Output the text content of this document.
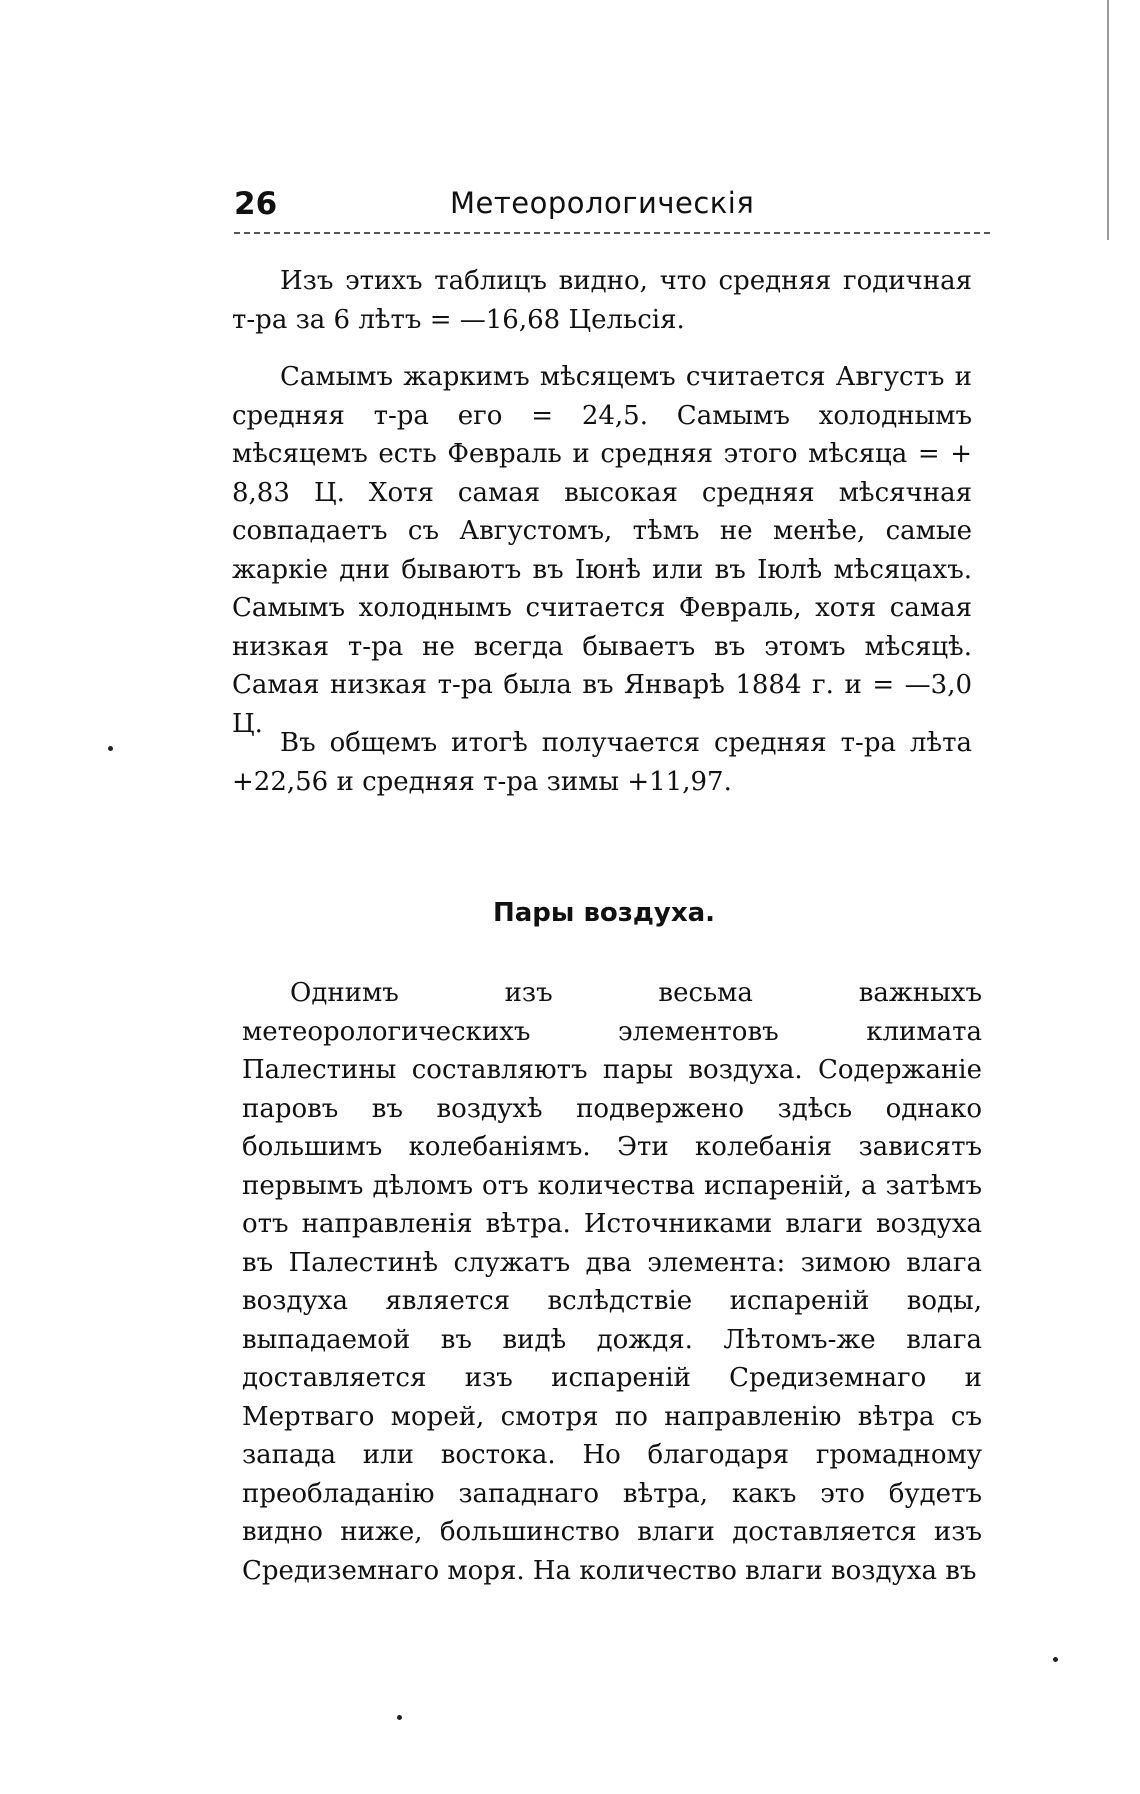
26	Метеорологическія

Изъ этихъ таблицъ видно, что средняя годичная т-ра за 6 лѣтъ = —16,68 Цельсія.

Самымъ жаркимъ мѣсяцемъ считается Августъ и средняя т-ра его = 24,5. Самымъ холоднымъ мѣсяцемъ есть Февраль и средняя этого мѣсяца = + 8,83 Ц. Хотя самая высокая средняя мѣсячная совпадаетъ съ Августомъ, тѣмъ не менѣе, самые жаркіе дни бываютъ въ Іюнѣ или въ Іюлѣ мѣсяцахъ. Самымъ холоднымъ считается Февраль, хотя самая низкая т-ра не всегда бываетъ въ этомъ мѣсяцѣ. Самая низкая т-ра была въ Январѣ 1884 г. и = —3,0 Ц.

Въ общемъ итогѣ получается средняя т-ра лѣта +22,56 и средняя т-ра зимы +11,97.

Пары воздуха.

Однимъ изъ весьма важныхъ метеорологическихъ элементовъ климата Палестины составляютъ пары воздуха. Содержаніе паровъ въ воздухѣ подвержено здѣсь однако большимъ колебаніямъ. Эти колебанія зависятъ первымъ дѣломъ отъ количества испареній, а затѣмъ отъ направленія вѣтра. Источниками влаги воздуха въ Палестинѣ служатъ два элемента: зимою влага воздуха является вслѣдствіе испареній воды, выпадаемой въ видѣ дождя. Лѣтомъ-же влага доставляется изъ испареній Средиземнаго и Мертваго морей, смотря по направленію вѣтра съ запада или востока. Но благодаря громадному преобладанію западнаго вѣтра, какъ это будетъ видно ниже, большинство влаги доставляется изъ Средиземнаго моря. На количество влаги воздуха въ
